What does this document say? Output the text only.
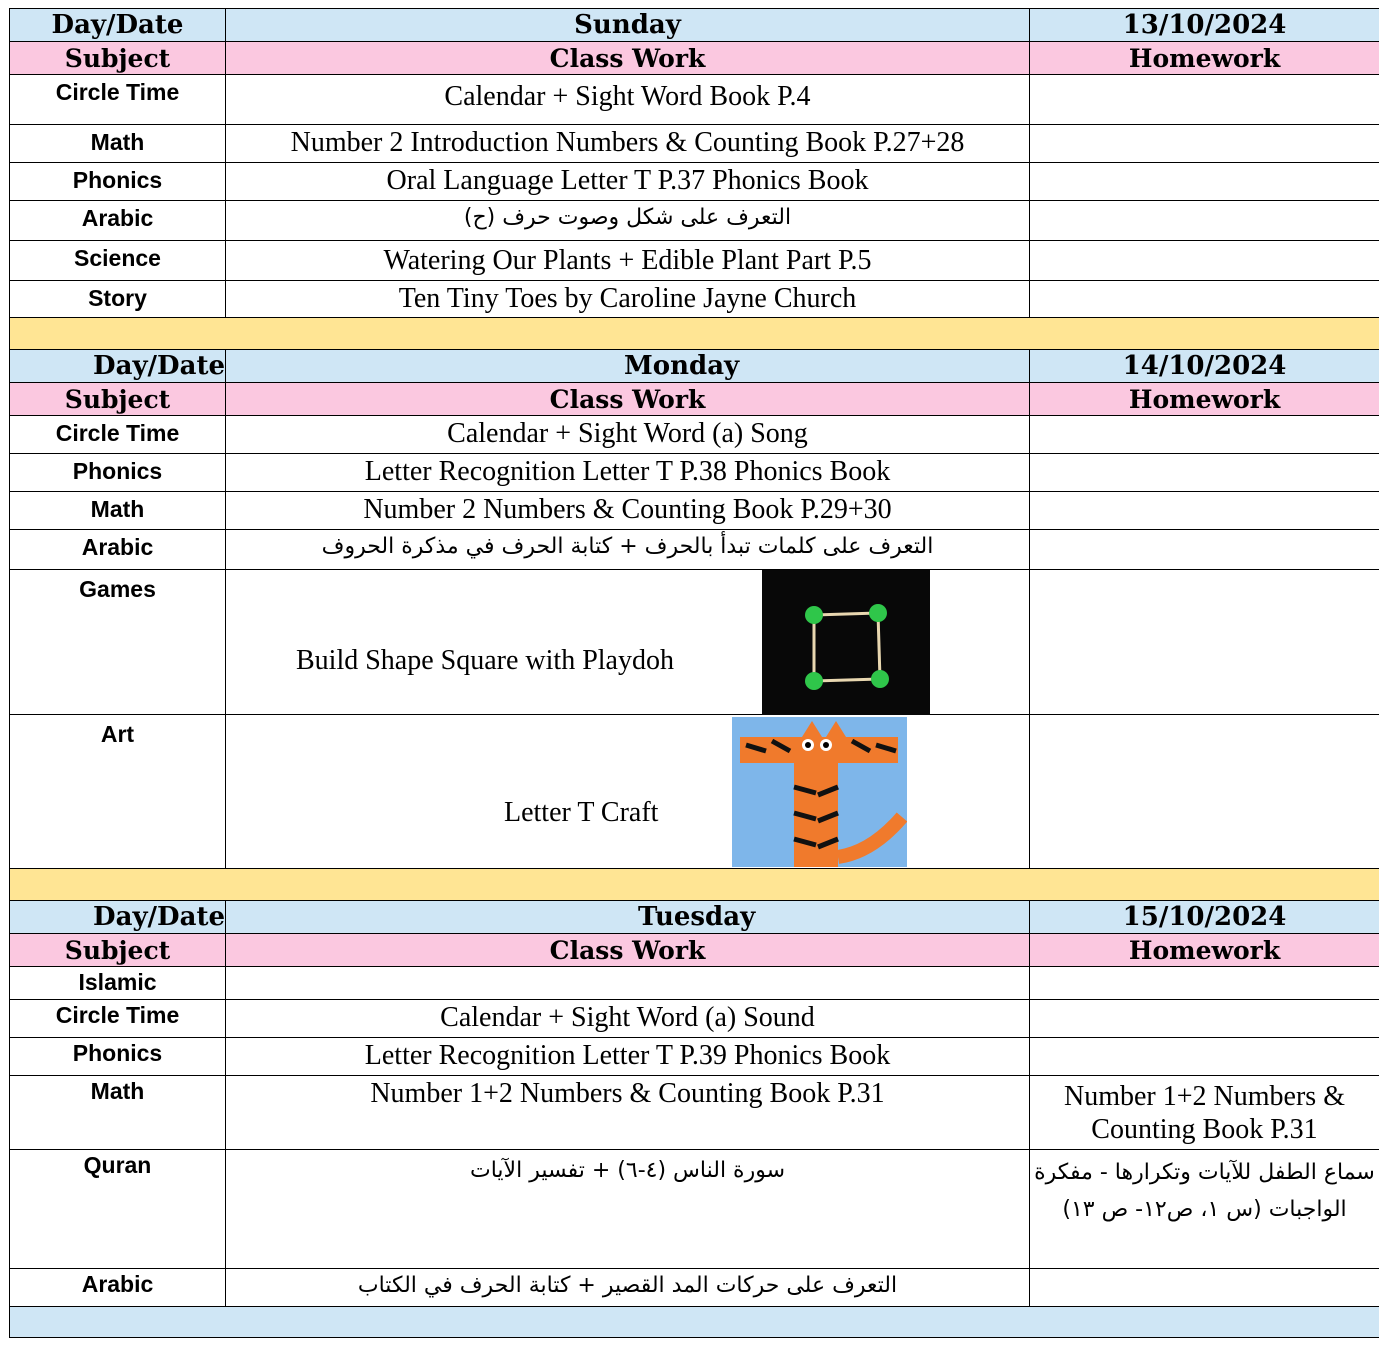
Day/Date	Sunday	13/10/2024
Subject	Class Work	Homework
Circle Time	Calendar + Sight Word Book P.4	
Math	Number 2 Introduction Numbers & Counting Book P.27+28	
Phonics	Oral Language Letter T P.37 Phonics Book	
Arabic	التعرف على شكل وصوت حرف (ح)	
Science	Watering Our Plants + Edible Plant Part P.5	
Story	Ten Tiny Toes by Caroline Jayne Church	

Day/Date	Monday	14/10/2024
Subject	Class Work	Homework
Circle Time	Calendar + Sight Word (a) Song	
Phonics	Letter Recognition Letter T P.38 Phonics Book	
Math	Number 2 Numbers & Counting Book P.29+30	
Arabic	التعرف على كلمات تبدأ بالحرف + كتابة الحرف في مذكرة الحروف	
Games	Build Shape Square with Playdoh	

Art	Letter T Craft	

Day/Date	Tuesday	15/10/2024
Subject	Class Work	Homework
Islamic		
Circle Time	Calendar + Sight Word (a) Sound	
Phonics	Letter Recognition Letter T P.39 Phonics Book	
Math	Number 1+2 Numbers & Counting Book P.31	Number 1+2 Numbers & Counting Book P.31
Quran	سورة الناس (٤-٦) + تفسير الآيات	سماع الطفل للآيات وتكرارها - مفكرة الواجبات (س ١، ص١٢- ص ١٣)
Arabic	التعرف على حركات المد القصير + كتابة الحرف في الكتاب	
